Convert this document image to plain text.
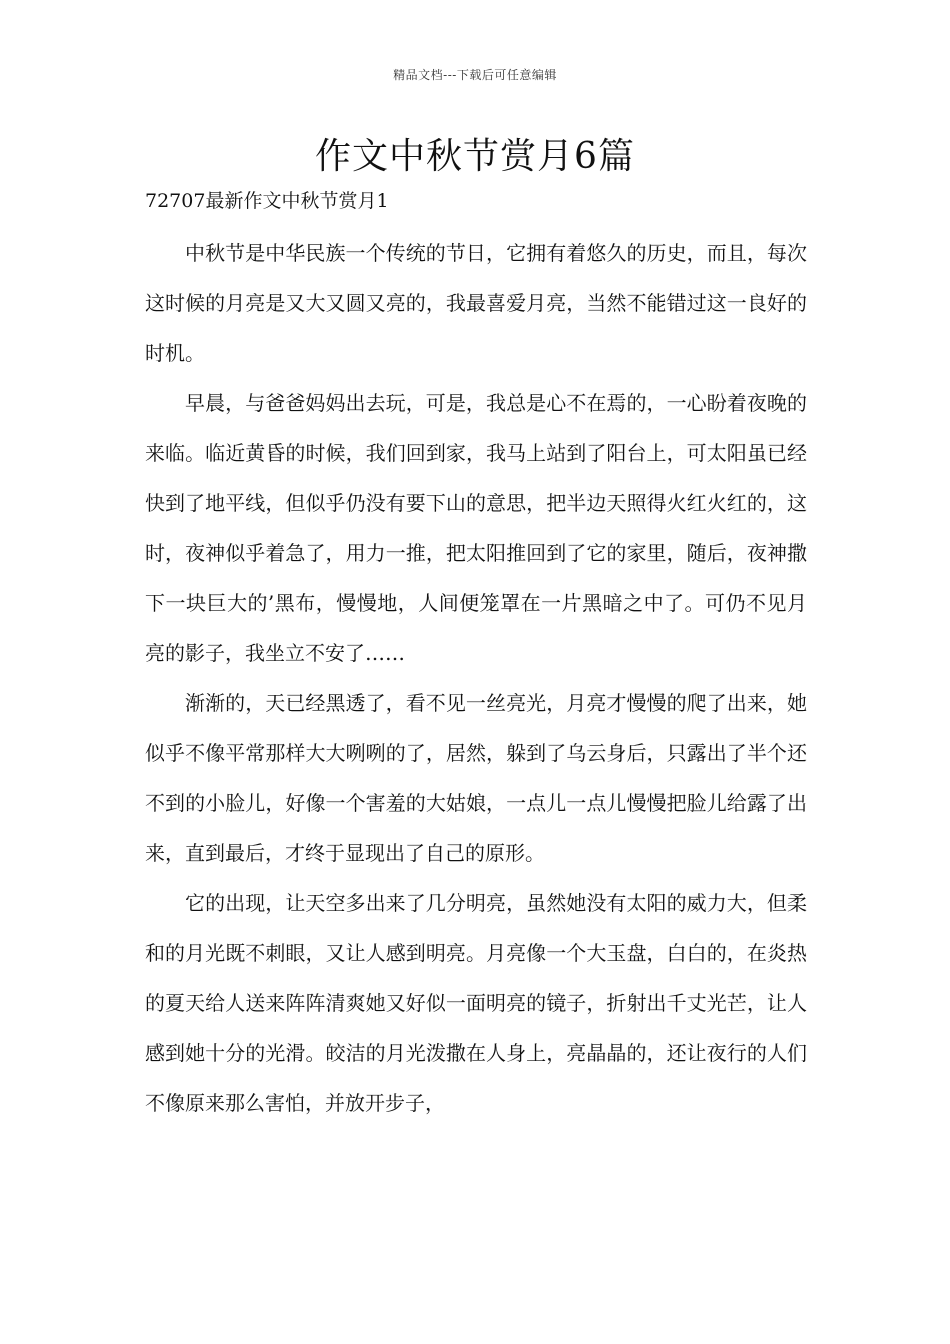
精品文档---下载后可任意编辑
作文中秋节赏月6篇
72707最新作文中秋节赏月1

中秋节是中华民族一个传统的节日，它拥有着悠久的历史，而且，每次这时候的月亮是又大又圆又亮的，我最喜爱月亮，当然不能错过这一良好的时机。

早晨，与爸爸妈妈出去玩，可是，我总是心不在焉的，一心盼着夜晚的来临。临近黄昏的时候，我们回到家，我马上站到了阳台上，可太阳虽已经快到了地平线，但似乎仍没有要下山的意思，把半边天照得火红火红的，这时，夜神似乎着急了，用力一推，把太阳推回到了它的家里，随后，夜神撒下一块巨大的’黑布，慢慢地，人间便笼罩在一片黑暗之中了。可仍不见月亮的影子，我坐立不安了……

渐渐的，天已经黑透了，看不见一丝亮光，月亮才慢慢的爬了出来，她似乎不像平常那样大大咧咧的了，居然，躲到了乌云身后，只露出了半个还不到的小脸儿，好像一个害羞的大姑娘，一点儿一点儿慢慢把脸儿给露了出来，直到最后，才终于显现出了自己的原形。

它的出现，让天空多出来了几分明亮，虽然她没有太阳的威力大，但柔和的月光既不刺眼，又让人感到明亮。月亮像一个大玉盘，白白的，在炎热的夏天给人送来阵阵清爽她又好似一面明亮的镜子，折射出千丈光芒，让人感到她十分的光滑。皎洁的月光泼撒在人身上，亮晶晶的，还让夜行的人们不像原来那么害怕，并放开步子，
